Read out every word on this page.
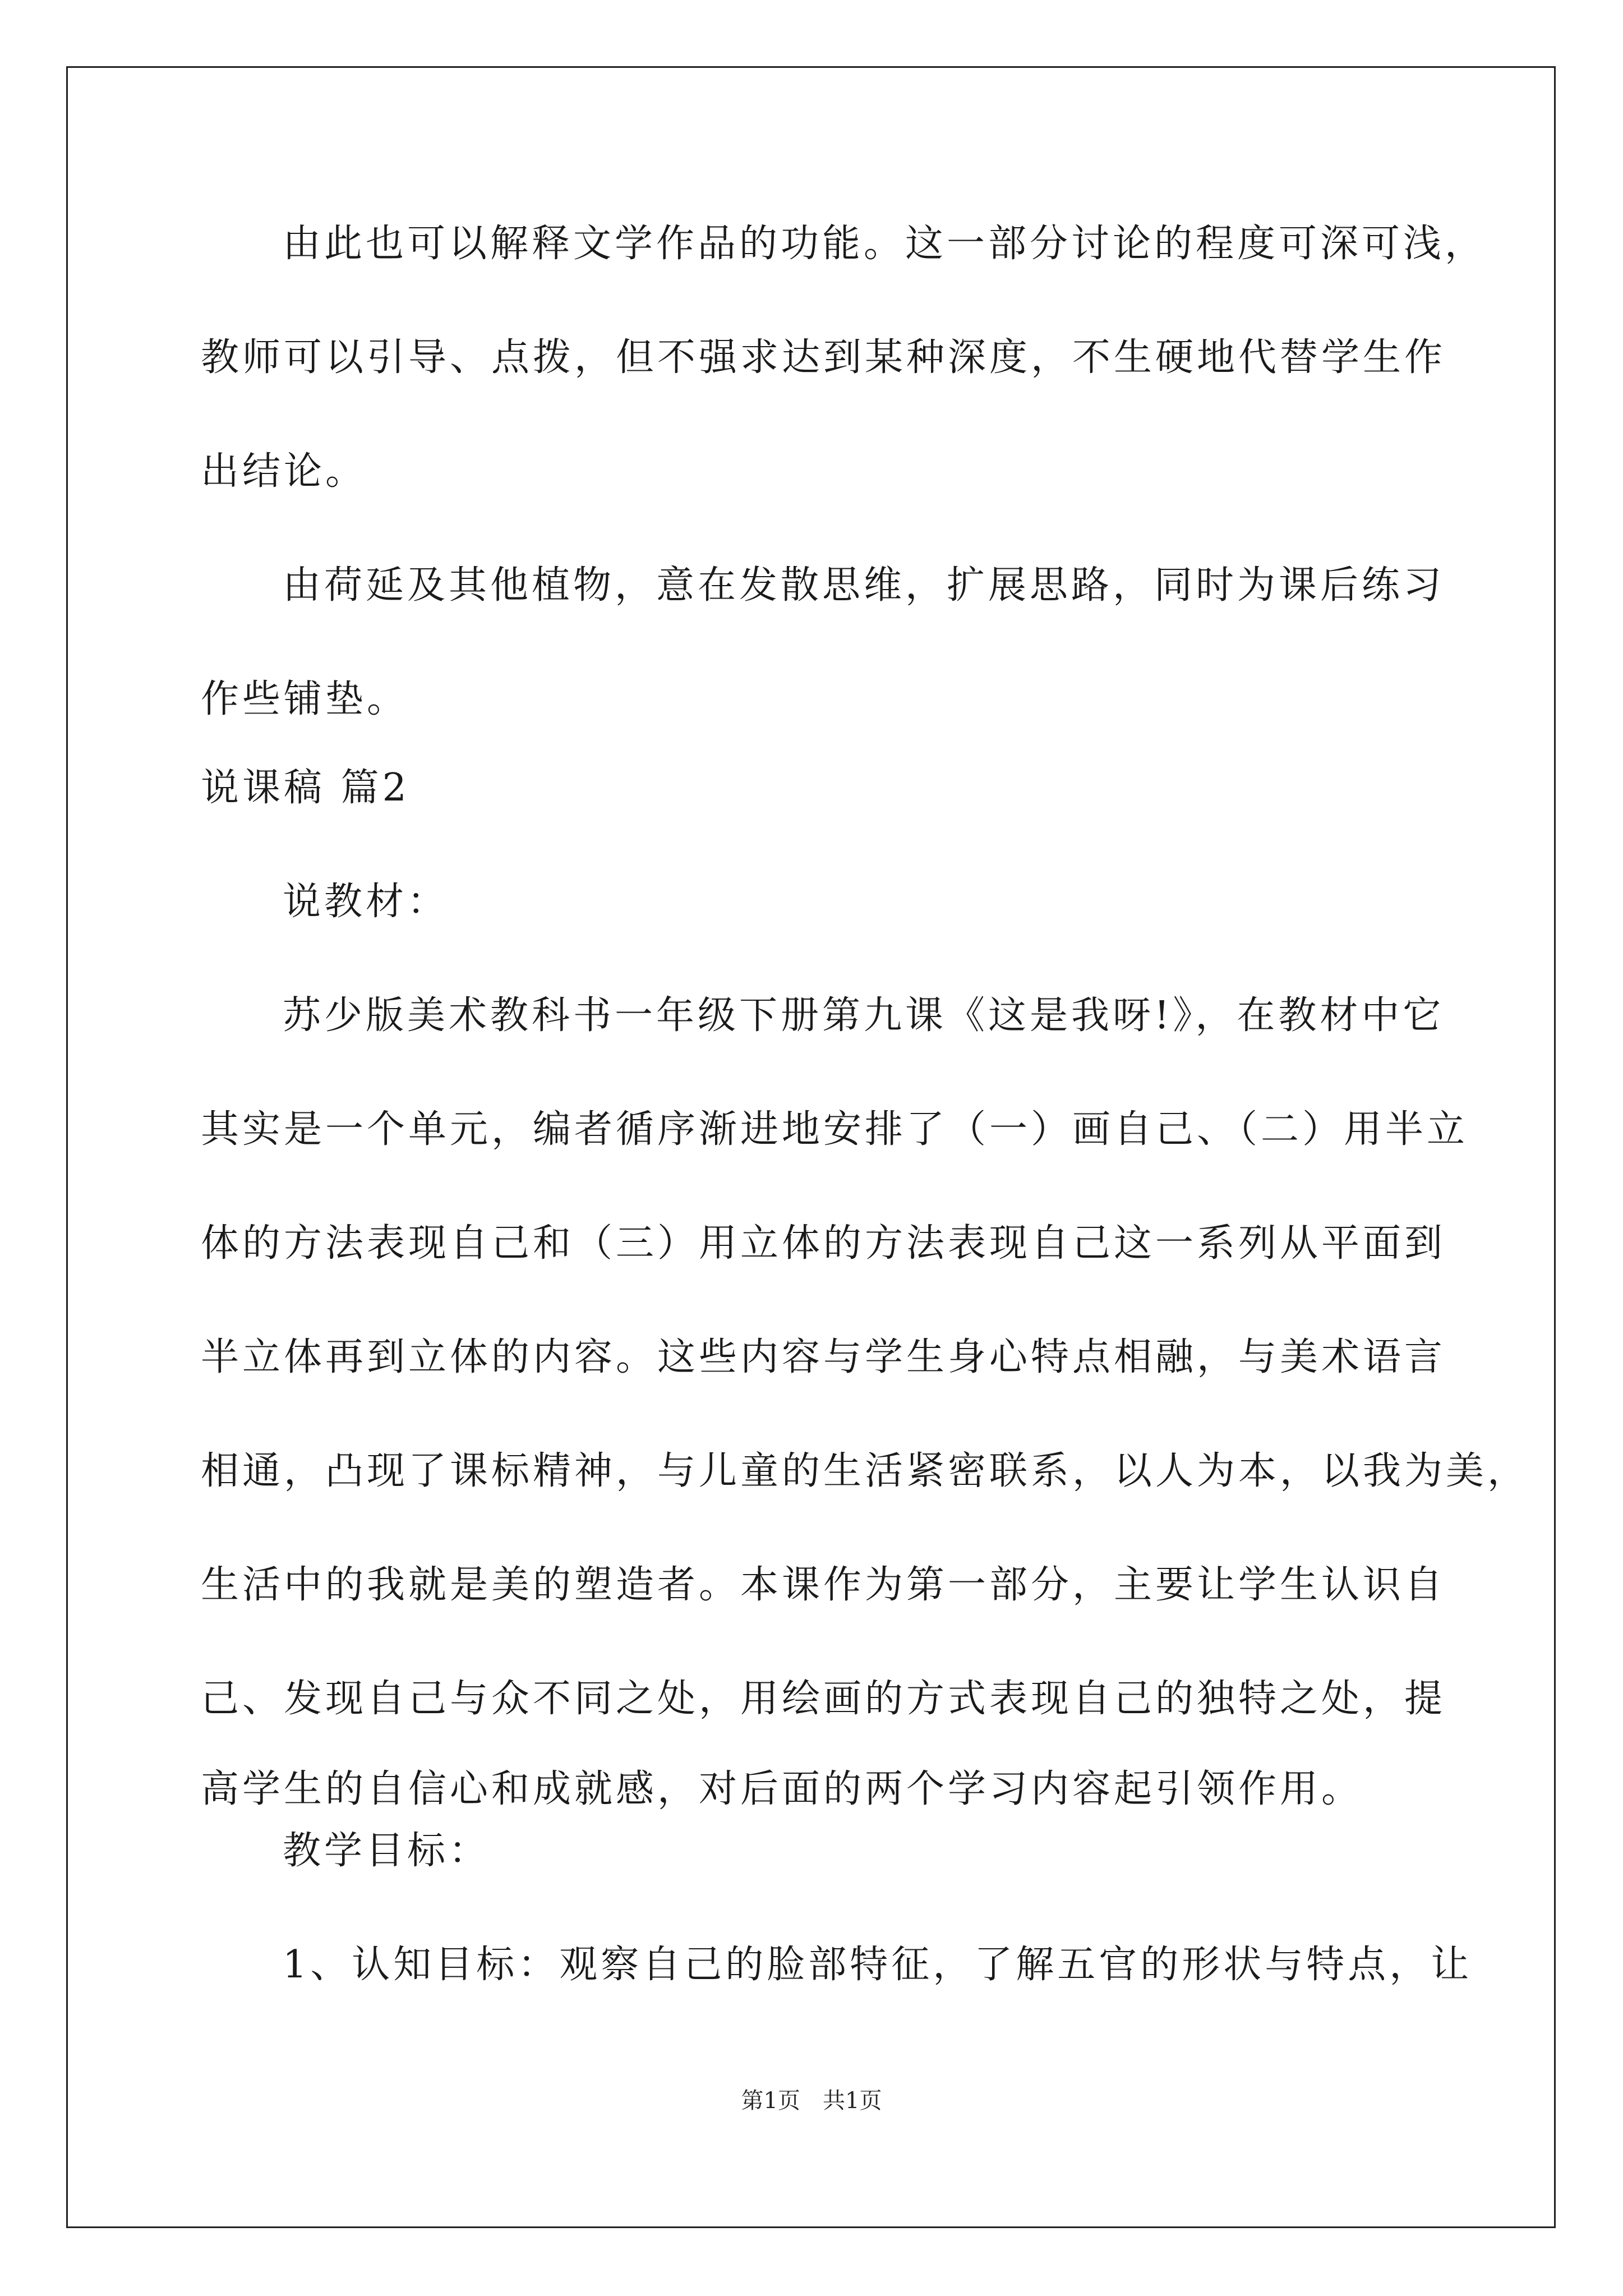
由此也可以解释文学作品的功能。这一部分讨论的程度可深可浅，
教师可以引导、点拨，但不强求达到某种深度，不生硬地代替学生作
出结论。
由荷延及其他植物，意在发散思维，扩展思路，同时为课后练习
作些铺垫。
说课稿 篇2
说教材：
苏少版美术教科书一年级下册第九课《这是我呀!》，在教材中它
其实是一个单元，编者循序渐进地安排了（一）画自己、（二）用半立
体的方法表现自己和（三）用立体的方法表现自己这一系列从平面到
半立体再到立体的内容。这些内容与学生身心特点相融，与美术语言
相通，凸现了课标精神，与儿童的生活紧密联系，以人为本，以我为美，
生活中的我就是美的塑造者。本课作为第一部分，主要让学生认识自
己、发现自己与众不同之处，用绘画的方式表现自己的独特之处，提
高学生的自信心和成就感，对后面的两个学习内容起引领作用。
教学目标：
1、认知目标：观察自己的脸部特征，了解五官的形状与特点，让
第1页　共1页
